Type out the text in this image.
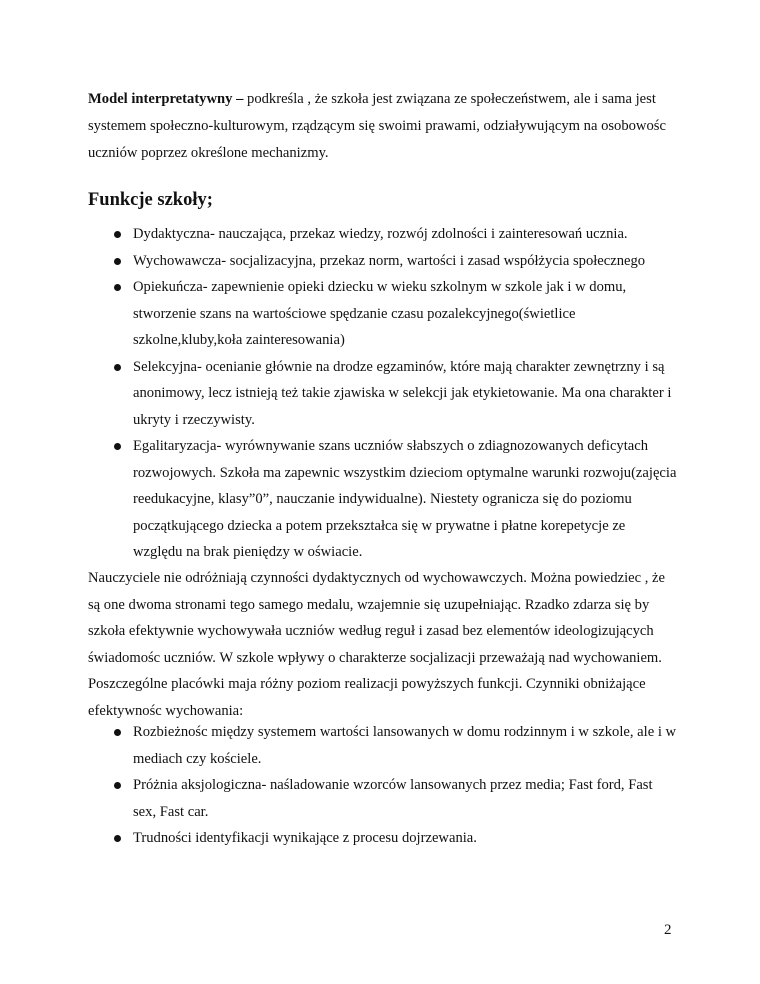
Model interpretatywny – podkreśla , że szkoła jest związana ze społeczeństwem, ale i sama jest systemem społeczno-kulturowym, rządzącym się swoimi prawami, odziaływującym na osobowośc uczniów poprzez określone mechanizmy.

Funkcje szkoły;
Dydaktyczna- nauczająca, przekaz wiedzy, rozwój zdolności i zainteresowań ucznia.
Wychowawcza- socjalizacyjna, przekaz norm, wartości i zasad współżycia społecznego
Opiekuńcza- zapewnienie opieki dziecku w wieku szkolnym w szkole jak i w domu, stworzenie szans na wartościowe spędzanie czasu pozalekcyjnego(świetlice szkolne,kluby,koła zainteresowania)
Selekcyjna- ocenianie głównie na drodze egzaminów, które mają charakter zewnętrzny i są anonimowy, lecz istnieją też takie zjawiska w selekcji jak etykietowanie. Ma ona charakter i ukryty i rzeczywisty.
Egalitaryzacja- wyrównywanie szans uczniów słabszych o zdiagnozowanych deficytach rozwojowych. Szkoła ma zapewnic wszystkim dzieciom optymalne warunki rozwoju(zajęcia reedukacyjne, klasy”0”, nauczanie indywidualne). Niestety ogranicza się do poziomu początkującego dziecka a potem przekształca się w prywatne i płatne korepetycje ze względu na brak pieniędzy w oświacie.

Nauczyciele nie odróżniają czynności dydaktycznych od wychowawczych. Można powiedziec , że są one dwoma stronami tego samego medalu, wzajemnie się uzupełniając. Rzadko zdarza się by szkoła efektywnie wychowywała uczniów według reguł i zasad bez elementów ideologizujących świadomośc uczniów. W szkole wpływy o charakterze socjalizacji przeważają nad wychowaniem. Poszczególne placówki maja różny poziom realizacji powyższych funkcji. Czynniki obniżające efektywnośc wychowania:

Rozbieżnośc między systemem wartości lansowanych w domu rodzinnym i w szkole, ale i w mediach czy kościele.
Próżnia aksjologiczna- naśladowanie wzorców lansowanych przez media; Fast ford, Fast sex, Fast car.
Trudności identyfikacji wynikające z procesu dojrzewania.
2
